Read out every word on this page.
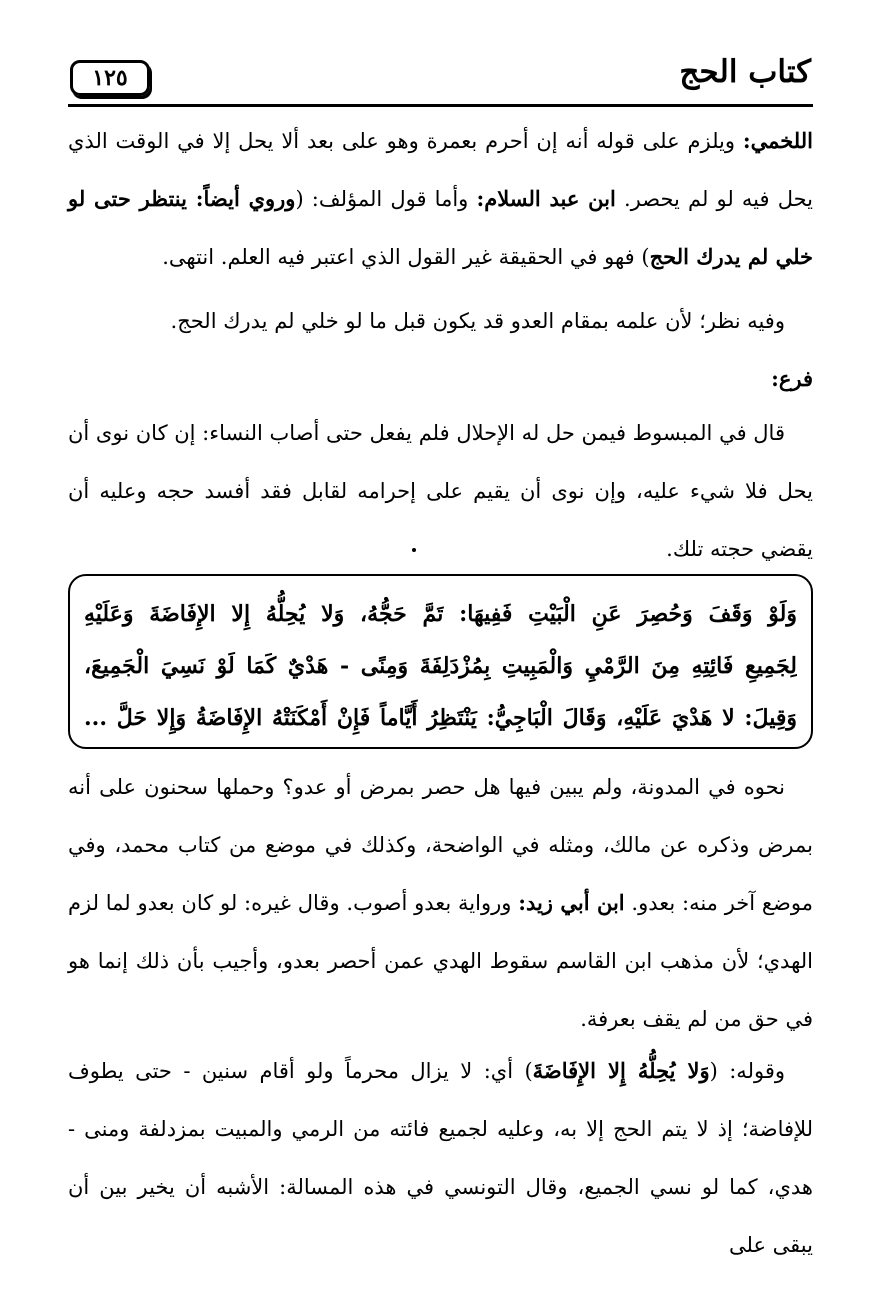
كتاب الحج
١٢٥

اللخمي: ويلزم على قوله أنه إن أحرم بعمرة وهو على بعد ألا يحل إلا في الوقت الذي يحل فيه لو لم يحصر. ابن عبد السلام: وأما قول المؤلف: (وروي أيضاً: ينتظر حتى لو خلي لم يدرك الحج) فهو في الحقيقة غير القول الذي اعتبر فيه العلم. انتهى.

وفيه نظر؛ لأن علمه بمقام العدو قد يكون قبل ما لو خلي لم يدرك الحج.

فرع:

قال في المبسوط فيمن حل له الإحلال فلم يفعل حتى أصاب النساء: إن كان نوى أن يحل فلا شيء عليه، وإن نوى أن يقيم على إحرامه لقابل فقد أفسد حجه وعليه أن يقضي حجته تلك.

وَلَوْ وَقَفَ وَحُصِرَ عَنِ الْبَيْتِ فَفِيهَا: تَمَّ حَجُّهُ، وَلا يُحِلُّهُ إِلا الإِفَاضَةَ وَعَلَيْهِ
لِجَمِيعِ فَائِتِهِ مِنَ الرَّمْيِ وَالْمَبِيتِ بِمُزْدَلِفَةَ وَمِنًى - هَدْيٌ كَمَا لَوْ نَسِيَ الْجَمِيعَ،
وَقِيلَ: لا هَدْيَ عَلَيْهِ، وَقَالَ الْبَاجِيُّ: يَنْتَظِرُ أَيَّاماً فَإِنْ أَمْكَنَتْهُ الإِفَاضَةُ وَإِلا حَلَّ ...

نحوه في المدونة، ولم يبين فيها هل حصر بمرض أو عدو؟ وحملها سحنون على أنه بمرض وذكره عن مالك، ومثله في الواضحة، وكذلك في موضع من كتاب محمد، وفي موضع آخر منه: بعدو. ابن أبي زيد: ورواية بعدو أصوب. وقال غيره: لو كان بعدو لما لزم الهدي؛ لأن مذهب ابن القاسم سقوط الهدي عمن أحصر بعدو، وأجيب بأن ذلك إنما هو في حق من لم يقف بعرفة.

وقوله: (وَلا يُحِلُّهُ إِلا الإِفَاضَةَ) أي: لا يزال محرماً ولو أقام سنين - حتى يطوف للإفاضة؛ إذ لا يتم الحج إلا به، وعليه لجميع فائته من الرمي والمبيت بمزدلفة ومنى - هدي، كما لو نسي الجميع، وقال التونسي في هذه المسالة: الأشبه أن يخير بين أن يبقى على
